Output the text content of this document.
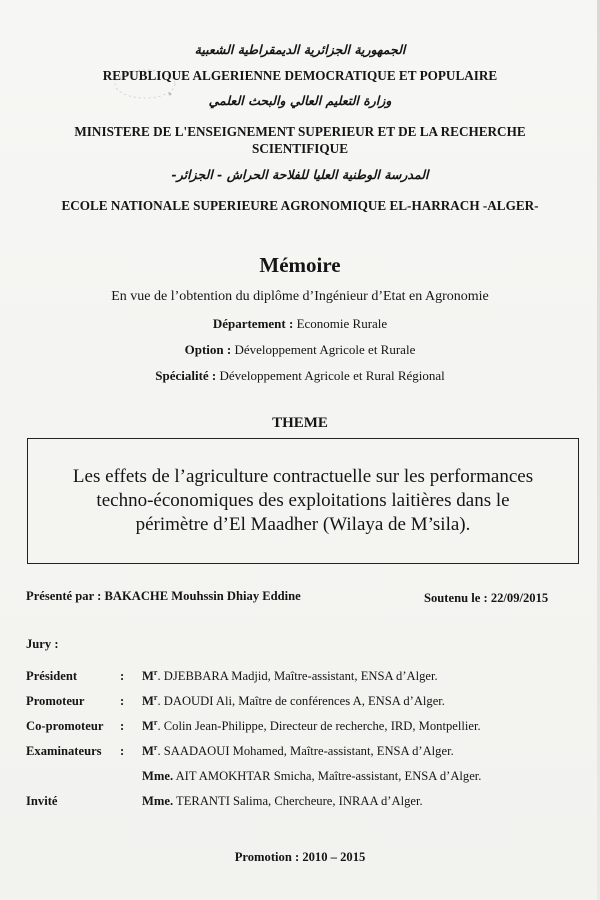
الجمهورية الجزائرية الديمقراطية الشعبية
REPUBLIQUE ALGERIENNE DEMOCRATIQUE ET POPULAIRE
وزارة التعليم العالي والبحث العلمي
MINISTERE DE L'ENSEIGNEMENT SUPERIEUR ET DE LA RECHERCHE
SCIENTIFIQUE
المدرسة الوطنية العليا للفلاحة الحراش - الجزائر-
ECOLE NATIONALE SUPERIEURE AGRONOMIQUE EL-HARRACH -ALGER-
Mémoire
En vue de l’obtention du diplôme d’Ingénieur d’Etat en Agronomie
Département : Economie Rurale
Option : Développement Agricole et Rurale
Spécialité : Développement Agricole et Rural Régional
THEME
Les effets de l’agriculture contractuelle sur les performances
techno-économiques des exploitations laitières dans le
périmètre d’El Maadher (Wilaya de M’sila).
Présenté par : BAKACHE Mouhssin Dhiay Eddine	Soutenu le : 22/09/2015
Jury :
Président	: $M^r$. DJEBBARA Madjid, Maître-assistant, ENSA d’Alger.
Promoteur	: $M^r$. DAOUDI Ali, Maître de conférences A, ENSA d’Alger.
Co-promoteur : $M^r$. Colin Jean-Philippe, Directeur de recherche, IRD, Montpellier.
Examinateurs : $M^r$. SAADAOUI Mohamed, Maître-assistant, ENSA d’Alger.
Mme. AIT AMOKHTAR Smicha, Maître-assistant, ENSA d’Alger.
Invité	Mme. TERANTI Salima, Chercheure, INRAA d’Alger.
Promotion : 2010 – 2015
